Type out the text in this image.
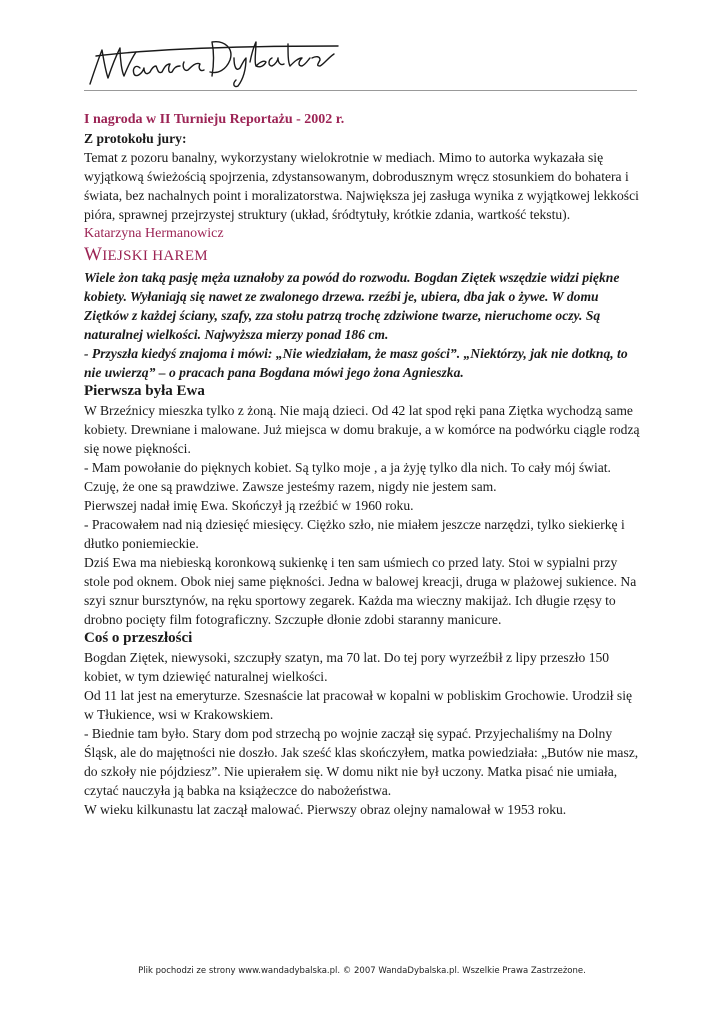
I nagroda w II Turnieju Reportażu - 2002 r.

Z protokołu jury:

Temat z pozoru banalny, wykorzystany wielokrotnie w mediach. Mimo to autorka wykazała się wyjątkową świeżością spojrzenia, zdystansowanym, dobrodusznym wręcz stosunkiem do bohatera i świata, bez nachalnych point i moralizatorstwa. Największa jej zasługa wynika z wyjątkowej lekkości pióra, sprawnej przejrzystej struktury (układ, śródtytuły, krótkie zdania, wartkość tekstu).

Katarzyna Hermanowicz

WIEJSKI HAREM

Wiele żon taką pasję męża uznałoby za powód do rozwodu. Bogdan Ziętek wszędzie widzi piękne kobiety. Wyłaniają się nawet ze zwalonego drzewa. rzeźbi je, ubiera, dba jak o żywe. W domu Ziętków z każdej ściany, szafy, zza stołu patrzą trochę zdziwione twarze, nieruchome oczy. Są naturalnej wielkości. Najwyższa mierzy ponad 186 cm.

- Przyszła kiedyś znajoma i mówi: „Nie wiedziałam, że masz gości”. „Niektórzy, jak nie dotkną, to nie uwierzą” – o pracach pana Bogdana mówi jego żona Agnieszka.

Pierwsza była Ewa

W Brzeźnicy mieszka tylko z żoną. Nie mają dzieci. Od 42 lat spod ręki pana Ziętka wychodzą same kobiety. Drewniane i malowane. Już miejsca w domu brakuje, a w komórce na podwórku ciągle rodzą się nowe piękności.

- Mam powołanie do pięknych kobiet. Są tylko moje , a ja żyję tylko dla nich. To cały mój świat. Czuję, że one są prawdziwe. Zawsze jesteśmy razem, nigdy nie jestem sam.

Pierwszej nadał imię Ewa. Skończył ją rzeźbić w 1960 roku.

- Pracowałem nad nią dziesięć miesięcy. Ciężko szło, nie miałem jeszcze narzędzi, tylko siekierkę i dłutko poniemieckie.

Dziś Ewa ma niebieską koronkową sukienkę i ten sam uśmiech co przed laty. Stoi w sypialni przy stole pod oknem. Obok niej same piękności. Jedna w balowej kreacji, druga w plażowej sukience. Na szyi sznur bursztynów, na ręku sportowy zegarek. Każda ma wieczny makijaż. Ich długie rzęsy to drobno pocięty film fotograficzny. Szczupłe dłonie zdobi staranny manicure.

Coś o przeszłości

Bogdan Ziętek, niewysoki, szczupły szatyn, ma 70 lat. Do tej pory wyrzeźbił z lipy przeszło 150 kobiet, w tym dziewięć naturalnej wielkości.

Od 11 lat jest na emeryturze. Szesnaście lat pracował w kopalni w pobliskim Grochowie. Urodził się w Tłukience, wsi w Krakowskiem.

- Biednie tam było. Stary dom pod strzechą po wojnie zaczął się sypać. Przyjechaliśmy na Dolny Śląsk, ale do majętności nie doszło. Jak sześć klas skończyłem, matka powiedziała: „Butów nie masz, do szkoły nie pójdziesz”. Nie upierałem się. W domu nikt nie był uczony. Matka pisać nie umiała, czytać nauczyła ją babka na książeczce do nabożeństwa.

W wieku kilkunastu lat zaczął malować. Pierwszy obraz olejny namalował w 1953 roku.

Plik pochodzi ze strony www.wandadybalska.pl. © 2007 WandaDybalska.pl. Wszelkie Prawa Zastrzeżone.
